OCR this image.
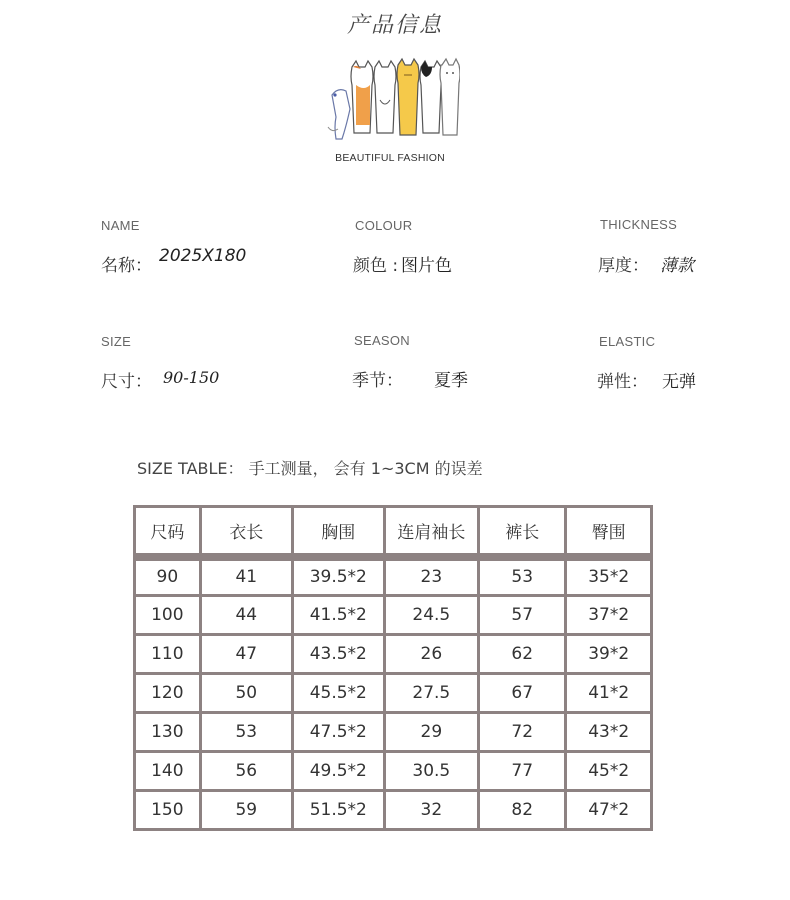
产品信息
BEAUTIFUL FASHION
NAME
名称： 2025X180
COLOUR
颜色 : 图片色
THICKNESS
厚度： 薄款
SIZE
尺寸： 90-150
SEASON
季节： 夏季
ELASTIC
弹性： 无弹
SIZE TABLE： 手工测量， 会有 1~3CM 的误差
尺码	衣长	胸围	连肩袖长	裤长	臀围
90	41	39.5*2	23	53	35*2
100	44	41.5*2	24.5	57	37*2
110	47	43.5*2	26	62	39*2
120	50	45.5*2	27.5	67	41*2
130	53	47.5*2	29	72	43*2
140	56	49.5*2	30.5	77	45*2
150	59	51.5*2	32	82	47*2
